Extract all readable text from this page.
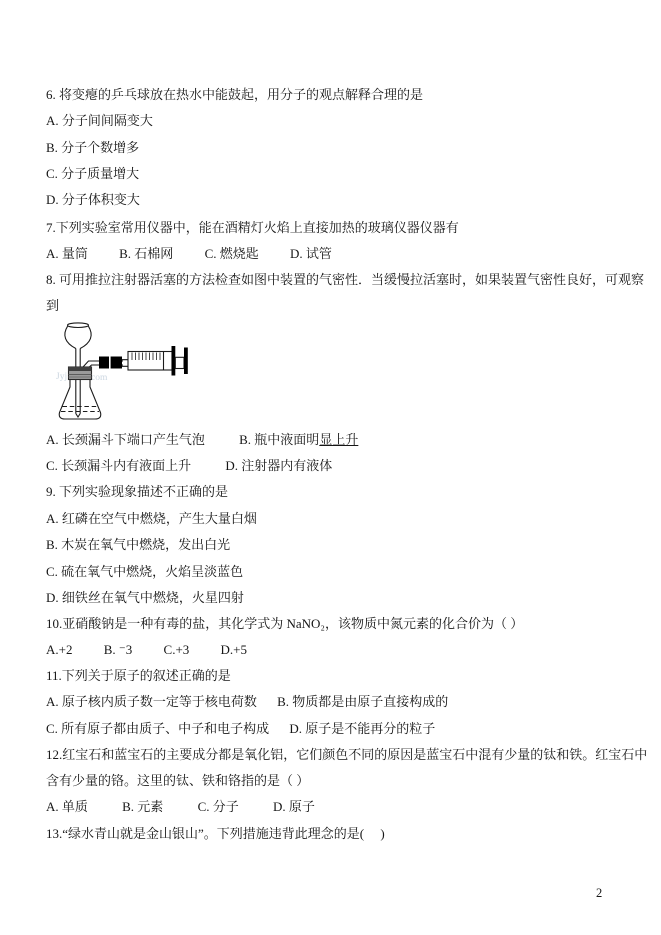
6. 将变瘪的乒乓球放在热水中能鼓起，用分子的观点解释合理的是
A. 分子间间隔变大
B. 分子个数增多
C. 分子质量增大
D. 分子体积变大
7.下列实验室常用仪器中，能在酒精灯火焰上直接加热的玻璃仪器仪器有
A. 量筒 B. 石棉网 C. 燃烧匙 D. 试管
8. 可用推拉注射器活塞的方法检查如图中装置的气密性．当缓慢拉活塞时，如果装置气密性良好，可观察
到
Jyj	com
A. 长颈漏斗下端口产生气泡	B. 瓶中液面明显上升
C. 长颈漏斗内有液面上升	D. 注射器内有液体
9. 下列实验现象描述不正确的是
A. 红磷在空气中燃烧，产生大量白烟
B. 木炭在氧气中燃烧，发出白光
C. 硫在氧气中燃烧，火焰呈淡蓝色
D. 细铁丝在氧气中燃烧，火星四射
10.亚硝酸钠是一种有毒的盐，其化学式为 NaNO₂，该物质中氮元素的化合价为（ ）
A.+2 B. ⁻3 C.+3 D.+5
11.下列关于原子的叙述正确的是
A. 原子核内质子数一定等于核电荷数 B. 物质都是由原子直接构成的
C. 所有原子都由质子、中子和电子构成 D. 原子是不能再分的粒子
12.红宝石和蓝宝石的主要成分都是氧化铝，它们颜色不同的原因是蓝宝石中混有少量的钛和铁。红宝石中
含有少量的铬。这里的钛、铁和铬指的是（ ）
A. 单质	B. 元素	C. 分子	D. 原子
13.“绿水青山就是金山银山”。下列措施违背此理念的是(　 )
2
